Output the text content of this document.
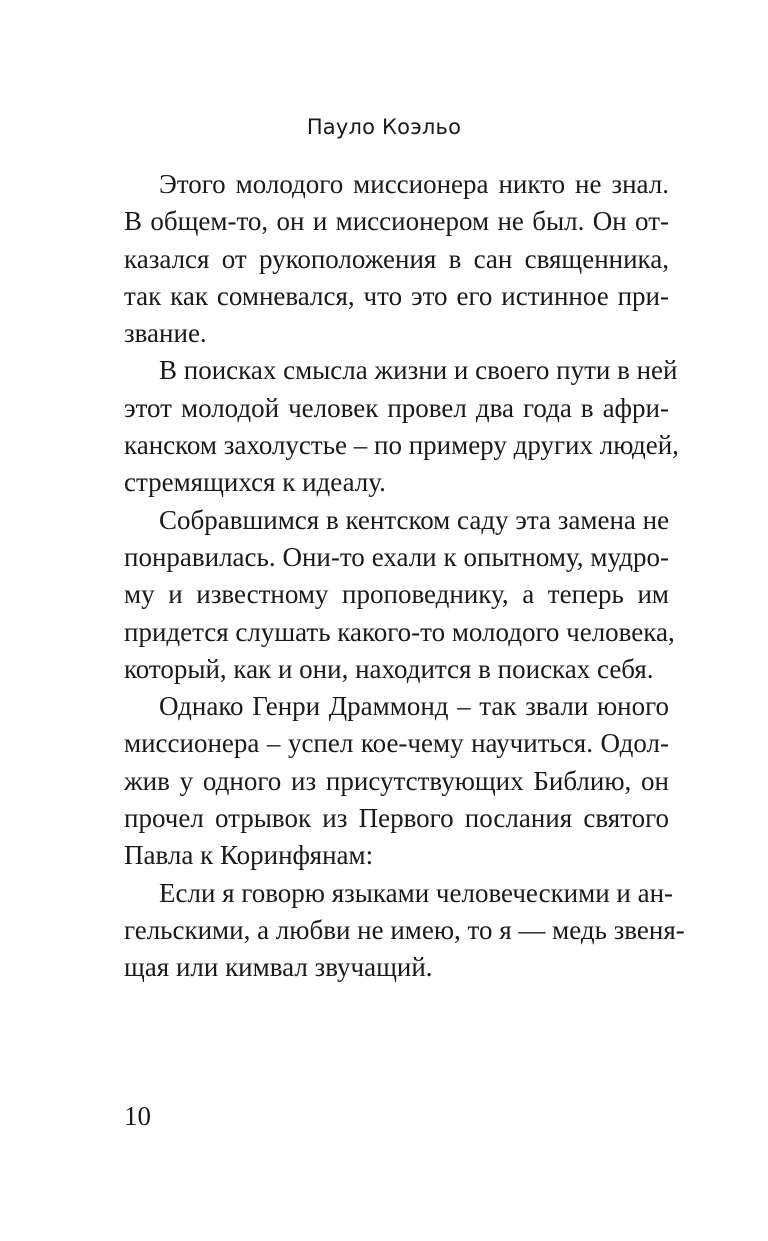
Пауло Коэльо
Этого молодого миссионера никто не знал.
В общем-то, он и миссионером не был. Он от-
казался от рукоположения в сан священника,
так как сомневался, что это его истинное при-
звание.
В поисках смысла жизни и своего пути в ней
этот молодой человек провел два года в афри-
канском захолустье – по примеру других людей,
стремящихся к идеалу.
Собравшимся в кентском саду эта замена не
понравилась. Они-то ехали к опытному, мудро-
му и известному проповеднику, а теперь им
придется слушать какого-то молодого человека,
который, как и они, находится в поисках себя.
Однако Генри Драммонд – так звали юного
миссионера – успел кое-чему научиться. Одол-
жив у одного из присутствующих Библию, он
прочел отрывок из Первого послания святого
Павла к Коринфянам:
Если я говорю языками человеческими и ан-
гельскими, а любви не имею, то я — медь звеня-
щая или кимвал звучащий.
10
